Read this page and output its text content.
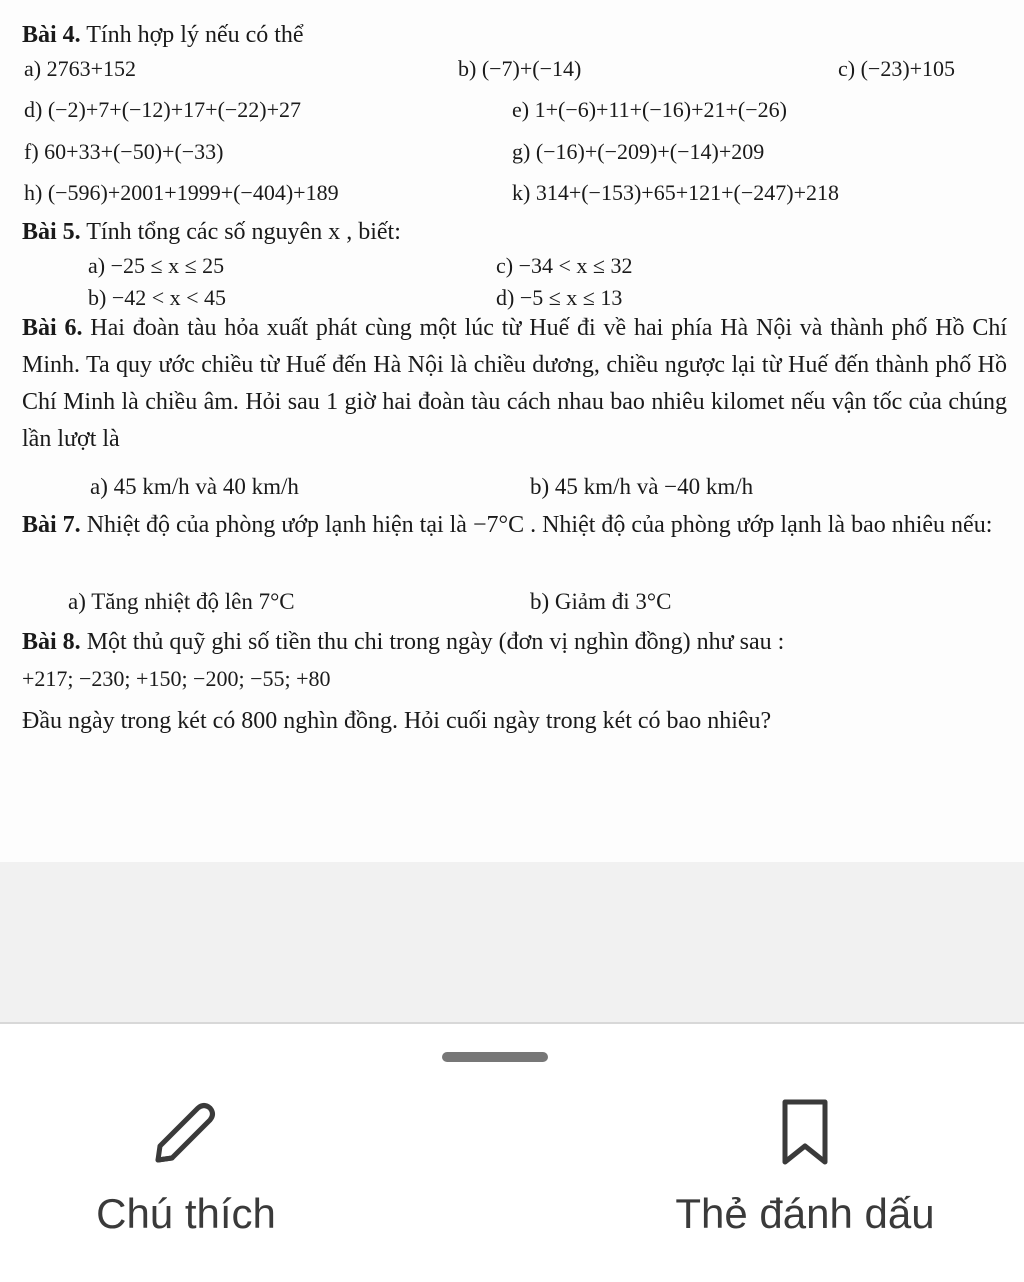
Bài 4. Tính hợp lý nếu có thể
a) 2763+152	b) (−7)+(−14)	c) (−23)+105
d) (−2)+7+(−12)+17+(−22)+27	e) 1+(−6)+11+(−16)+21+(−26)
f) 60+33+(−50)+(−33)	g) (−16)+(−209)+(−14)+209
h) (−596)+2001+1999+(−404)+189	k) 314+(−153)+65+121+(−247)+218
Bài 5. Tính tổng các số nguyên x , biết:
a) −25 ≤ x ≤ 25	c) −34 < x ≤ 32
b) −42 < x < 45	d) −5 ≤ x ≤ 13
Bài 6. Hai đoàn tàu hỏa xuất phát cùng một lúc từ Huế đi về hai phía Hà Nội và thành phố Hồ Chí Minh. Ta quy ước chiều từ Huế đến Hà Nội là chiều dương, chiều ngược lại từ Huế đến thành phố Hồ Chí Minh là chiều âm. Hỏi sau 1 giờ hai đoàn tàu cách nhau bao nhiêu kilomet nếu vận tốc của chúng lần lượt là
a) 45 km/h và 40 km/h	b) 45 km/h và −40 km/h
Bài 7. Nhiệt độ của phòng ướp lạnh hiện tại là −7°C . Nhiệt độ của phòng ướp lạnh là bao nhiêu nếu:
a) Tăng nhiệt độ lên 7°C	b) Giảm đi 3°C
Bài 8. Một thủ quỹ ghi số tiền thu chi trong ngày (đơn vị nghìn đồng) như sau :
+217; −230; +150; −200; −55; +80
Đầu ngày trong két có 800 nghìn đồng. Hỏi cuối ngày trong két có bao nhiêu?
Chú thích	Thẻ đánh dấu
